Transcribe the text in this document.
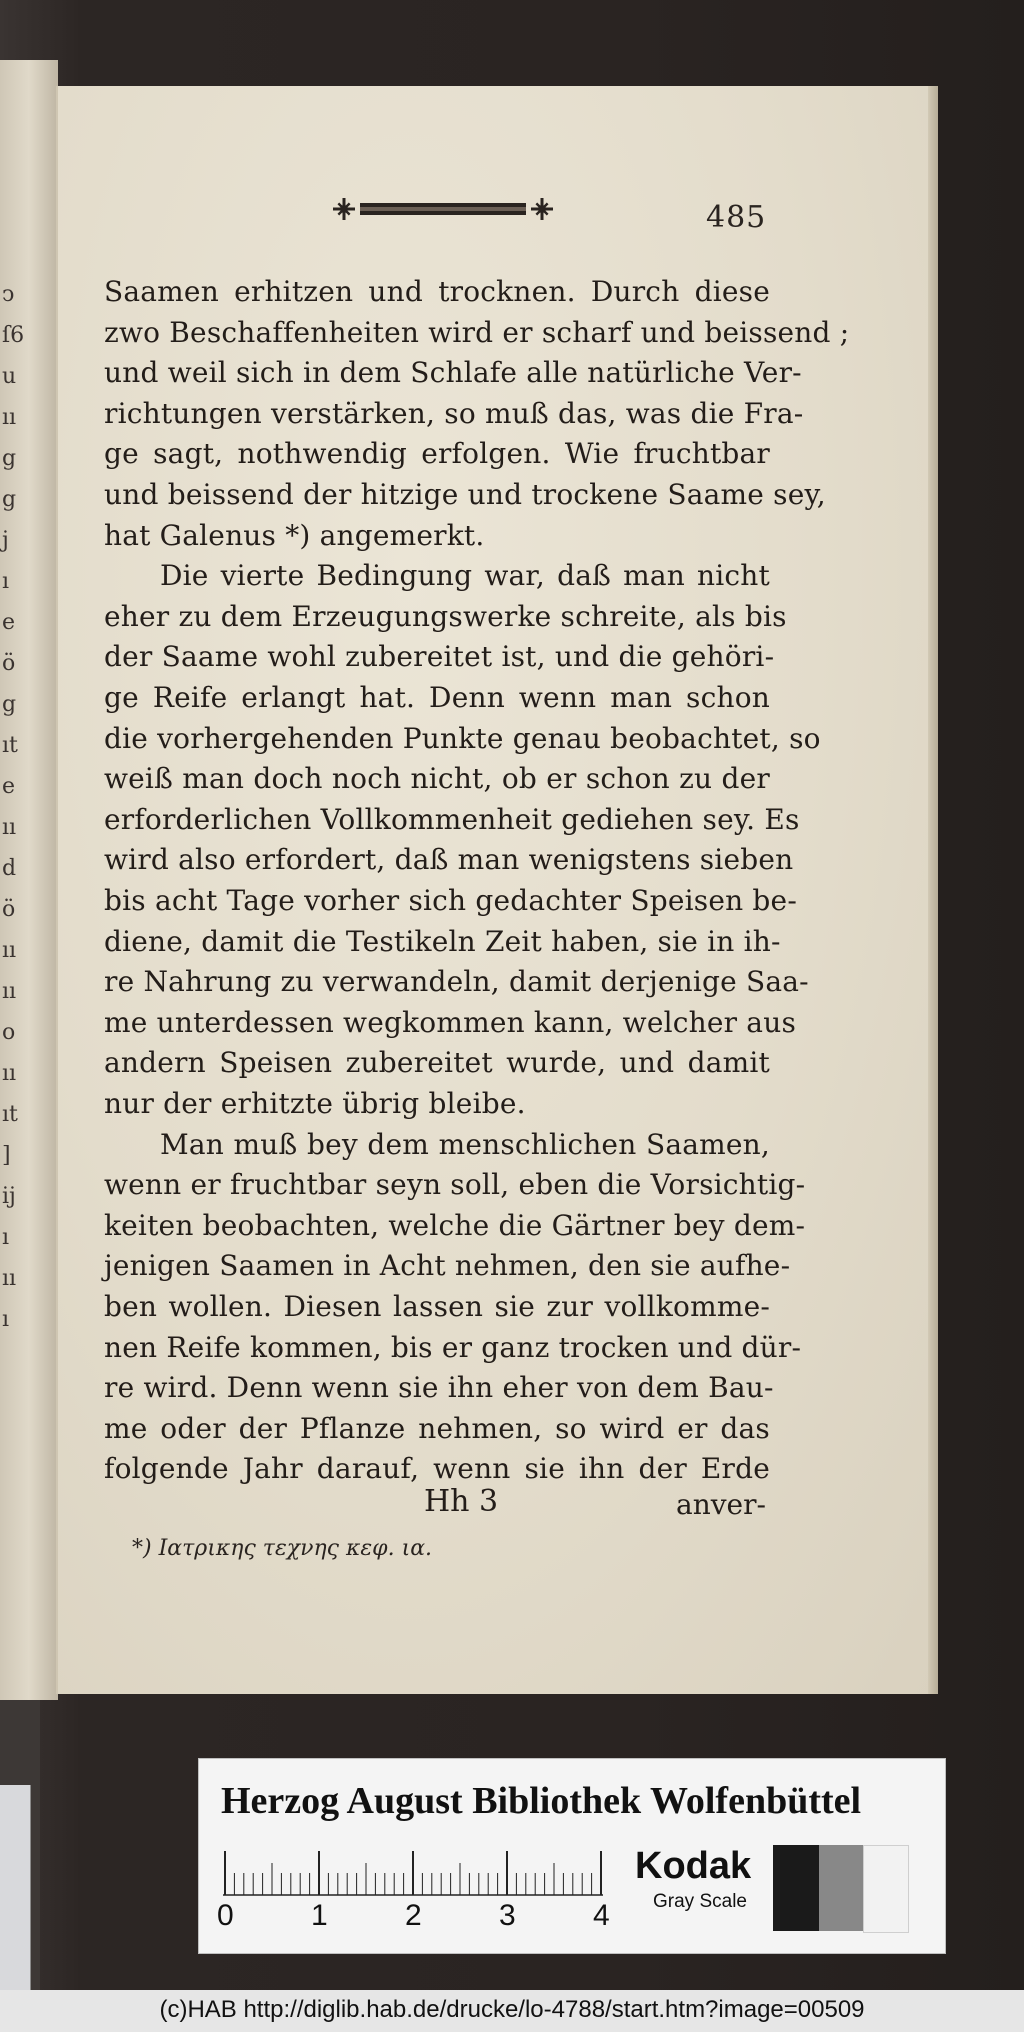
ↄ
ſ6
u
ıı
g
g
j
ı
e
ö
g
ıt
e
ıı
d
ö
ıı
ıı
o
ıı
ıt
]
ij
ı
ıı
ı
485
Saamen erhitzen und trocknen. Durch diese
zwo Beschaffenheiten wird er scharf und beissend ;
und weil sich in dem Schlafe alle natürliche Ver-
richtungen verstärken, so muß das, was die Fra-
ge sagt, nothwendig erfolgen. Wie fruchtbar
und beissend der hitzige und trockene Saame sey,
hat Galenus *) angemerkt.
Die vierte Bedingung war, daß man nicht
eher zu dem Erzeugungswerke schreite, als bis
der Saame wohl zubereitet ist, und die gehöri-
ge Reife erlangt hat. Denn wenn man schon
die vorhergehenden Punkte genau beobachtet, so
weiß man doch noch nicht, ob er schon zu der
erforderlichen Vollkommenheit gediehen sey. Es
wird also erfordert, daß man wenigstens sieben
bis acht Tage vorher sich gedachter Speisen be-
diene, damit die Testikeln Zeit haben, sie in ih-
re Nahrung zu verwandeln, damit derjenige Saa-
me unterdessen wegkommen kann, welcher aus
andern Speisen zubereitet wurde, und damit
nur der erhitzte übrig bleibe.
Man muß bey dem menschlichen Saamen,
wenn er fruchtbar seyn soll, eben die Vorsichtig-
keiten beobachten, welche die Gärtner bey dem-
jenigen Saamen in Acht nehmen, den sie aufhe-
ben wollen. Diesen lassen sie zur vollkomme-
nen Reife kommen, bis er ganz trocken und dür-
re wird. Denn wenn sie ihn eher von dem Bau-
me oder der Pflanze nehmen, so wird er das
folgende Jahr darauf, wenn sie ihn der Erde
Hh 3	anver-
*) Ιατρικης τεχνης κεφ. ια.
Herzog August Bibliothek Wolfenbüttel
0	1	2	3	4
Kodak
Gray Scale
(c)HAB http://diglib.hab.de/drucke/lo-4788/start.htm?image=00509
